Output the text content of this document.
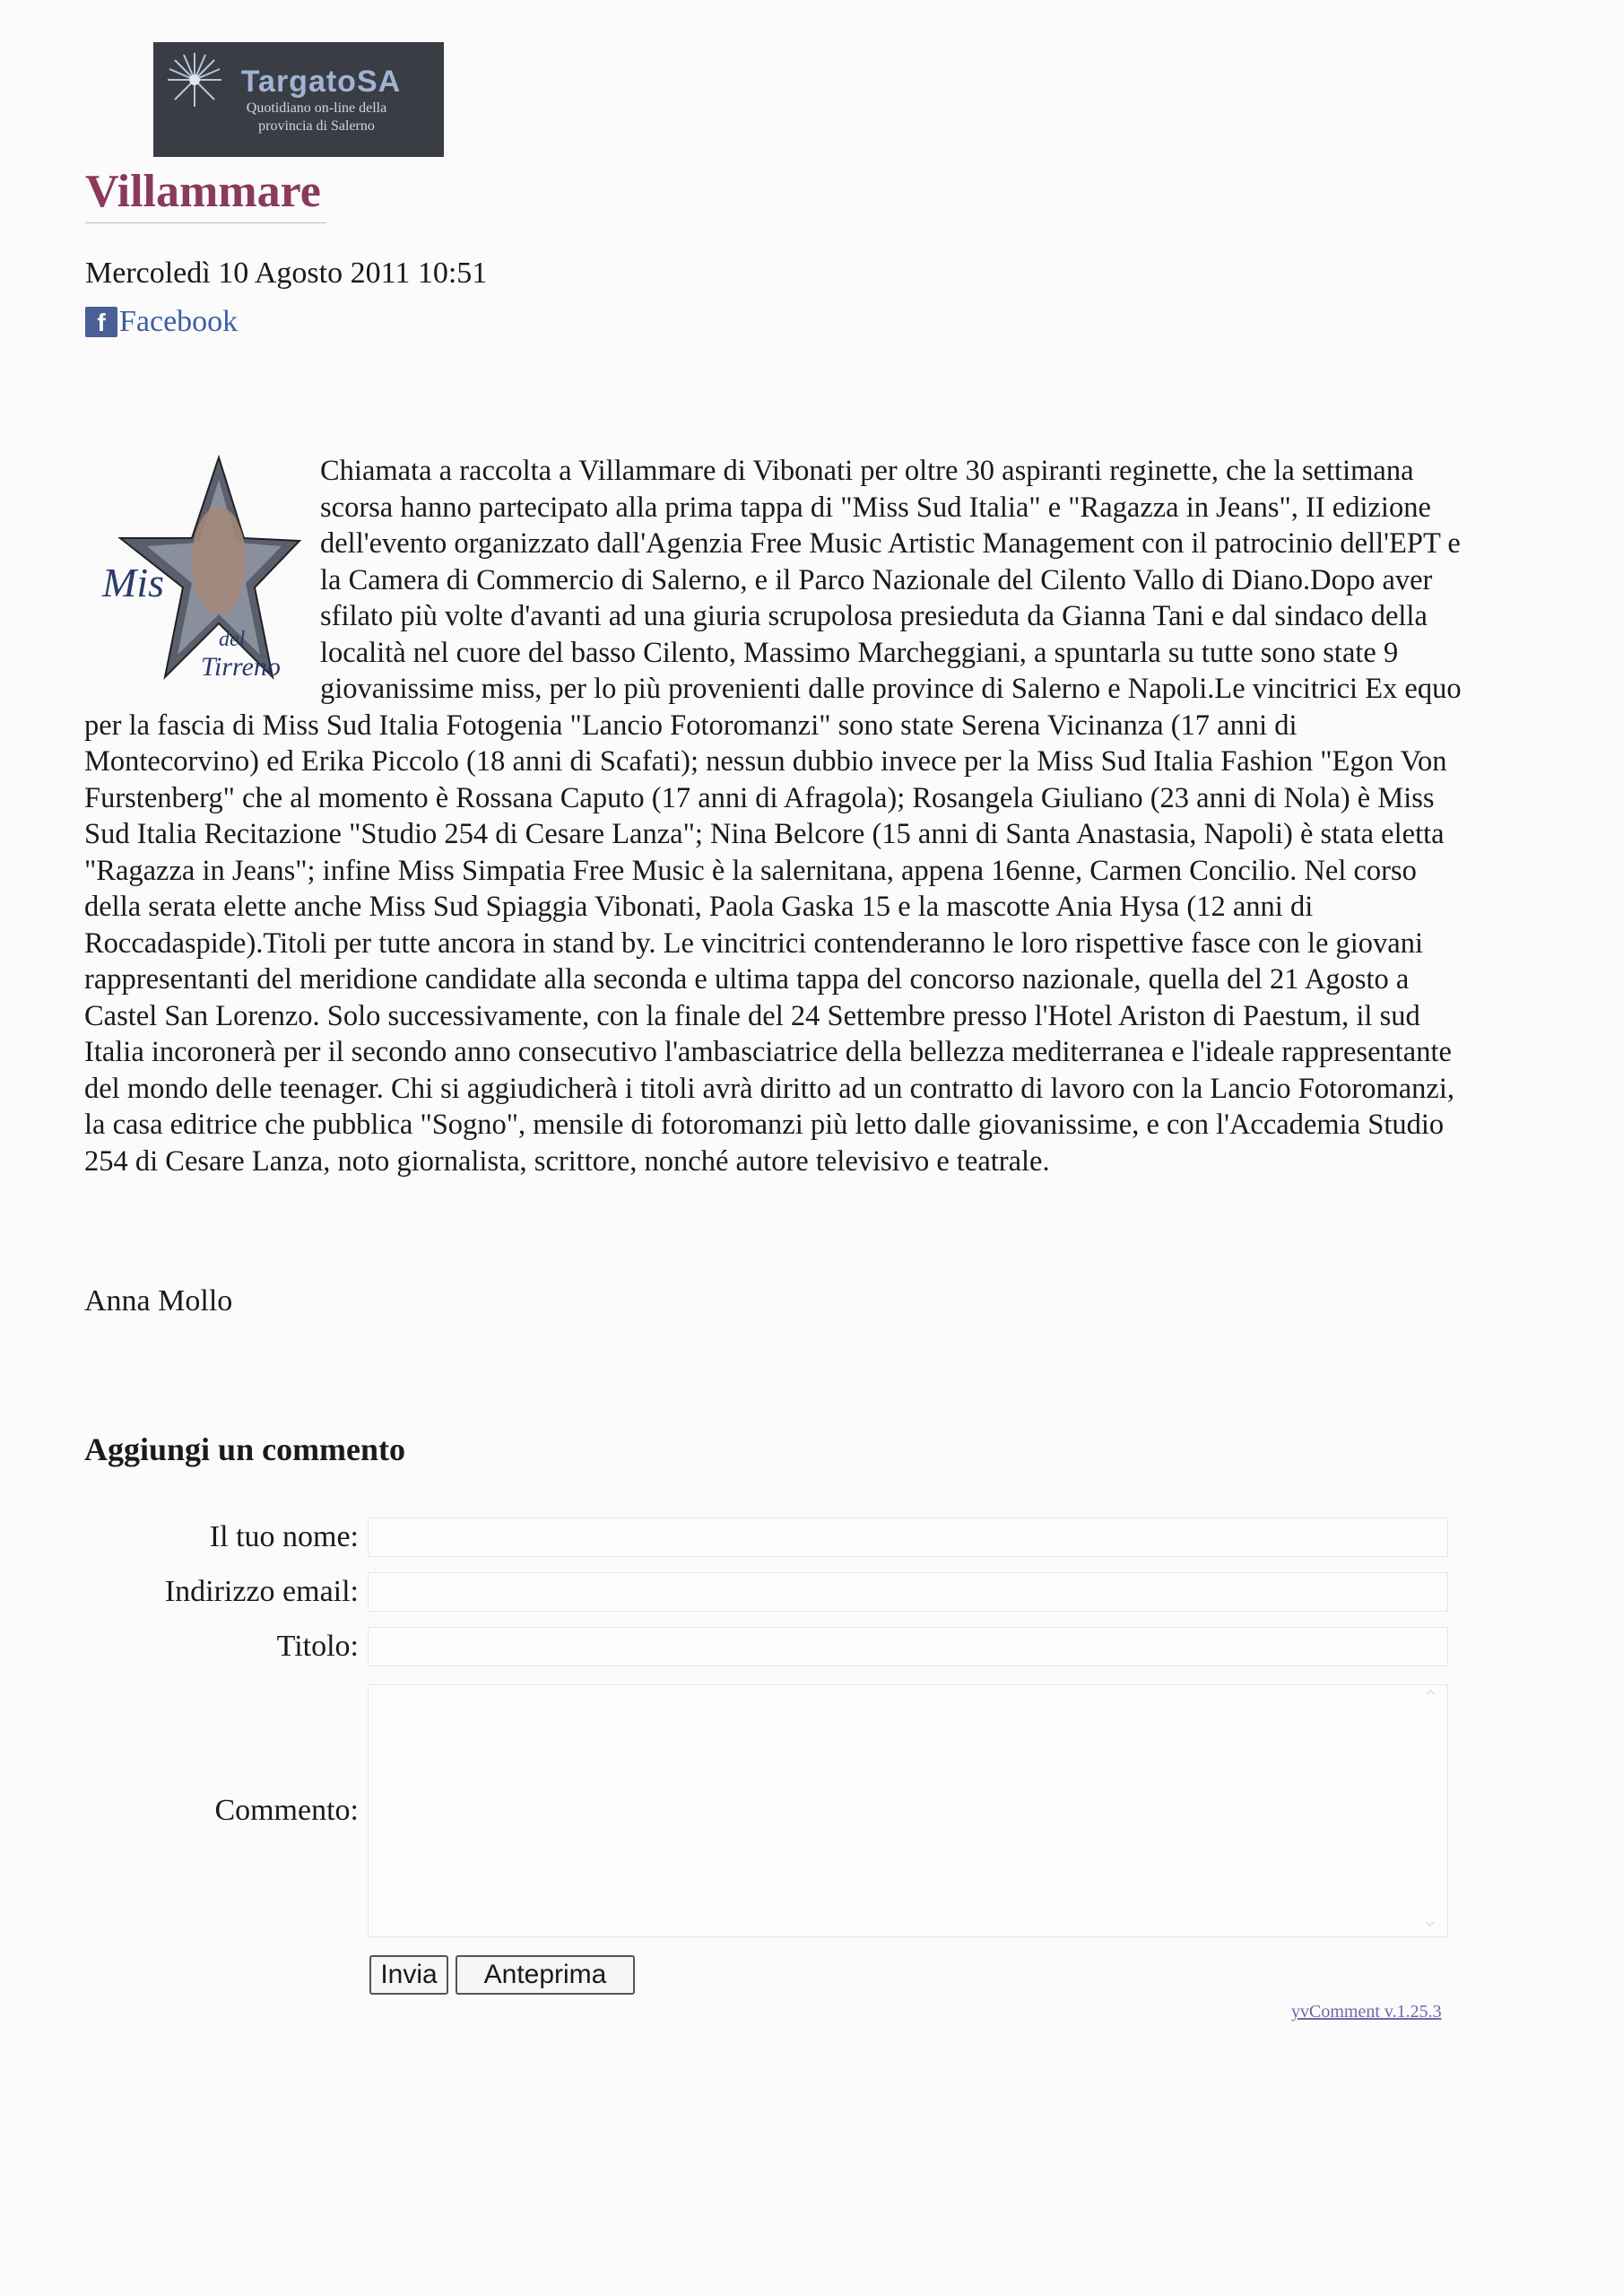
TargatoSA
Quotidiano on-line della
provincia di Salerno
Villammare
Mercoledì 10 Agosto 2011 10:51
f Facebook
Mis
del
Tirreno
Chiamata a raccolta a Villammare di Vibonati per oltre 30 aspiranti reginette, che la settimana scorsa hanno partecipato alla prima tappa di "Miss Sud Italia" e "Ragazza in Jeans", II edizione dell'evento organizzato dall'Agenzia Free Music Artistic Management con il patrocinio dell'EPT e la Camera di Commercio di Salerno, e il Parco Nazionale del Cilento Vallo di Diano.Dopo aver sfilato più volte d'avanti ad una giuria scrupolosa presieduta da Gianna Tani e dal sindaco della località nel cuore del basso Cilento, Massimo Marcheggiani, a spuntarla su tutte sono state 9 giovanissime miss, per lo più provenienti dalle province di Salerno e Napoli.Le vincitrici Ex equo per la fascia di Miss Sud Italia Fotogenia "Lancio Fotoromanzi" sono state Serena Vicinanza (17 anni di Montecorvino) ed Erika Piccolo (18 anni di Scafati); nessun dubbio invece per la Miss Sud Italia Fashion "Egon Von Furstenberg" che al momento è Rossana Caputo (17 anni di Afragola); Rosangela Giuliano (23 anni di Nola) è Miss Sud Italia Recitazione "Studio 254 di Cesare Lanza"; Nina Belcore (15 anni di Santa Anastasia, Napoli) è stata eletta "Ragazza in Jeans"; infine Miss Simpatia Free Music è la salernitana, appena 16enne, Carmen Concilio. Nel corso della serata elette anche Miss Sud Spiaggia Vibonati, Paola Gaska 15 e la mascotte Ania Hysa (12 anni di Roccadaspide).Titoli per tutte ancora in stand by. Le vincitrici contenderanno le loro rispettive fasce con le giovani rappresentanti del meridione candidate alla seconda e ultima tappa del concorso nazionale, quella del 21 Agosto a Castel San Lorenzo. Solo successivamente, con la finale del 24 Settembre presso l'Hotel Ariston di Paestum, il sud Italia incoronerà per il secondo anno consecutivo l'ambasciatrice della bellezza mediterranea e l'ideale rappresentante del mondo delle teenager. Chi si aggiudicherà i titoli avrà diritto ad un contratto di lavoro con la Lancio Fotoromanzi, la casa editrice che pubblica "Sogno", mensile di fotoromanzi più letto dalle giovanissime, e con l'Accademia Studio 254 di Cesare Lanza, noto giornalista, scrittore, nonché autore televisivo e teatrale.
Anna Mollo
Aggiungi un commento
Il tuo nome:
Indirizzo email:
Titolo:
Commento:
⌃
⌄
Invia	Anteprima
yvComment v.1.25.3
